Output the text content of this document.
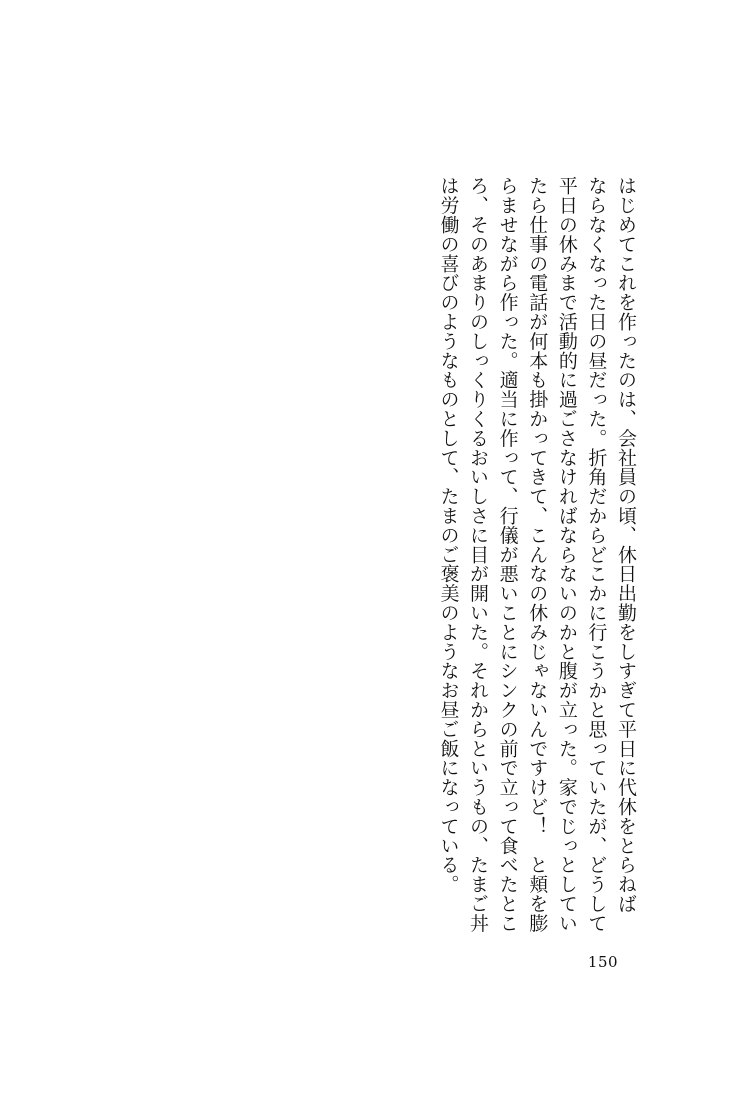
はじめてこれを作ったのは、会社員の頃、休日出勤をしすぎて平日に代休をとらねば
ならなくなった日の昼だった。折角だからどこかに行こうかと思っていたが、どうして
平日の休みまで活動的に過ごさなければならないのかと腹が立った。家でじっとしてい
たら仕事の電話が何本も掛かってきて、こんなの休みじゃないんですけど！　と頬を膨
らませながら作った。適当に作って、行儀が悪いことにシンクの前で立って食べたとこ
ろ、そのあまりのしっくりくるおいしさに目が開いた。それからというもの、たまご丼
は労働の喜びのようなものとして、たまのご褒美のようなお昼ご飯になっている。
150
